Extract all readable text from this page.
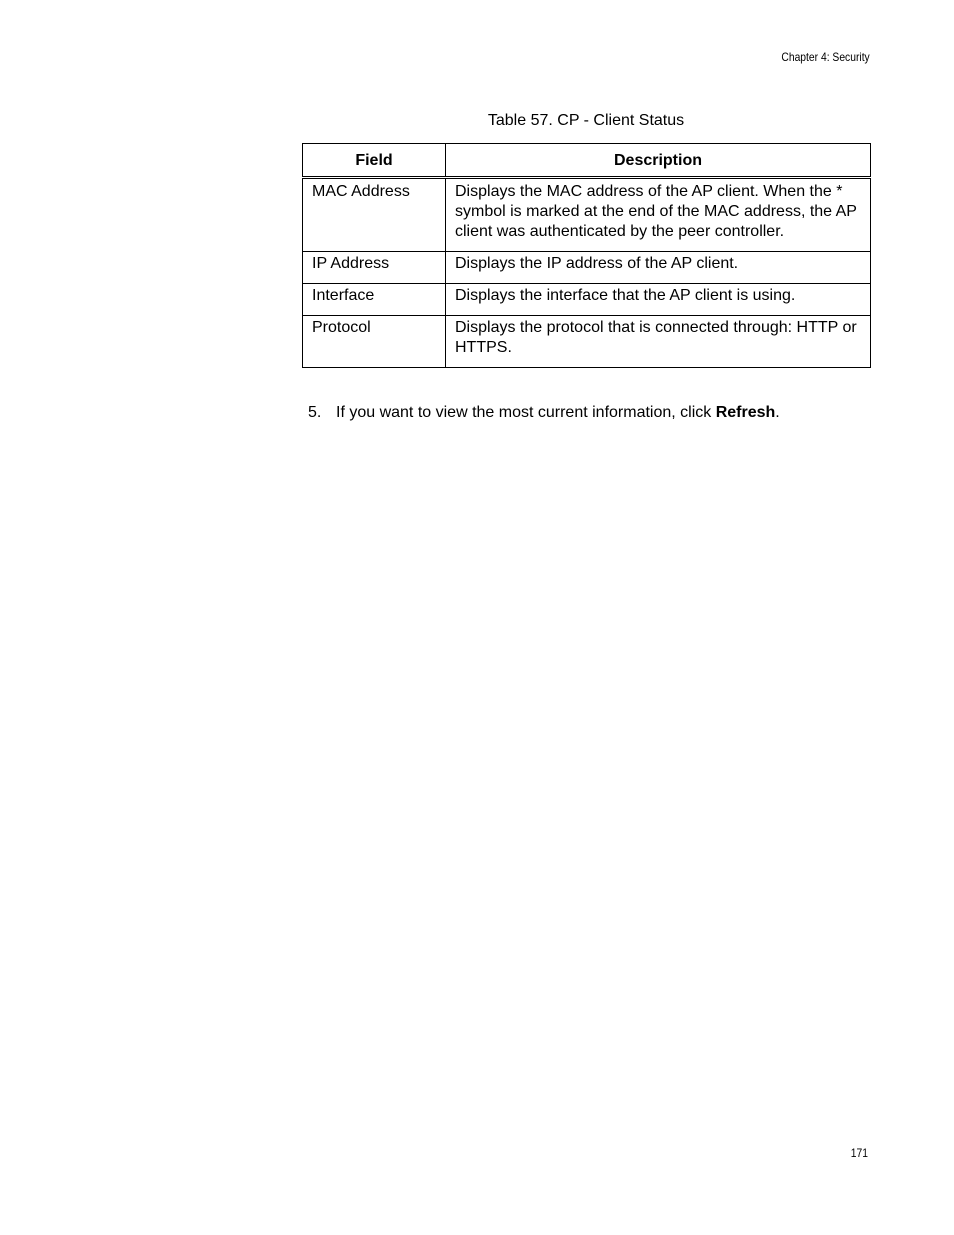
Chapter 4: Security
Table 57. CP - Client Status
Field	Description
MAC Address	Displays the MAC address of the AP client. When the * symbol is marked at the end of the MAC address, the AP client was authenticated by the peer controller.
IP Address	Displays the IP address of the AP client.
Interface	Displays the interface that the AP client is using.
Protocol	Displays the protocol that is connected through: HTTP or HTTPS.
5. If you want to view the most current information, click Refresh.
171
